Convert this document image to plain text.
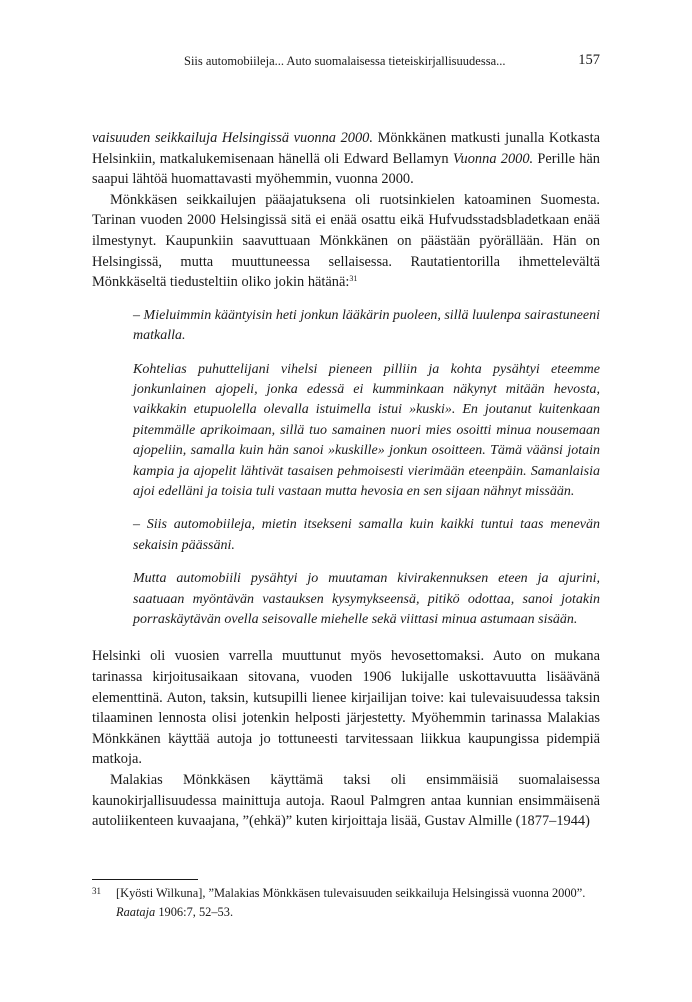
Siis automobiileja... Auto suomalaisessa tieteiskirjallisuudessa...	157

vaisuuden seikkailuja Helsingissä vuonna 2000. Mönkkänen matkusti junalla Kotkasta Helsinkiin, matkalukemisenaan hänellä oli Edward Bellamyn Vuonna 2000. Perille hän saapui lähtöä huomattavasti myöhemmin, vuonna 2000.

Mönkkäsen seikkailujen pääajatuksena oli ruotsinkielen katoaminen Suomesta. Tarinan vuoden 2000 Helsingissä sitä ei enää osattu eikä Hufvudsstadsbladetkaan enää ilmestynyt. Kaupunkiin saavuttuaan Mönkkänen on päästään pyörällään. Hän on Helsingissä, mutta muuttuneessa sellaisessa. Rautatientorilla ihmettelevältä Mönkkäseltä tiedusteltiin oliko jokin hätänä:$^{31}$

– Mieluimmin kääntyisin heti jonkun lääkärin puoleen, sillä luulenpa sairastuneeni matkalla.

Kohtelias puhuttelijani vihelsi pieneen pilliin ja kohta pysähtyi eteemme jonkunlainen ajopeli, jonka edessä ei kumminkaan näkynyt mitään hevosta, vaikkakin etupuolella olevalla istuimella istui »kuski». En joutanut kuitenkaan pitemmälle aprikoimaan, sillä tuo samainen nuori mies osoitti minua nousemaan ajopeliin, samalla kuin hän sanoi »kuskille» jonkun osoitteen. Tämä väänsi jotain kampia ja ajopelit lähtivät tasaisen pehmoisesti vierimään eteenpäin. Samanlaisia ajoi edelläni ja toisia tuli vastaan mutta hevosia en sen sijaan nähnyt missään.

– Siis automobiileja, mietin itsekseni samalla kuin kaikki tuntui taas menevän sekaisin päässäni.

Mutta automobiili pysähtyi jo muutaman kivirakennuksen eteen ja ajurini, saatuaan myöntävän vastauksen kysymykseensä, pitikö odottaa, sanoi jotakin porraskäytävän ovella seisovalle miehelle sekä viittasi minua astumaan sisään.

Helsinki oli vuosien varrella muuttunut myös hevosettomaksi. Auto on mukana tarinassa kirjoitusaikaan sitovana, vuoden 1906 lukijalle uskottavuutta lisäävänä elementtinä. Auton, taksin, kutsupilli lienee kirjailijan toive: kai tulevaisuudessa taksin tilaaminen lennosta olisi jotenkin helposti järjestetty. Myöhemmin tarinassa Malakias Mönkkänen käyttää autoja jo tottuneesti tarvitessaan liikkua kaupungissa pidempiä matkoja.

Malakias Mönkkäsen käyttämä taksi oli ensimmäisiä suomalaisessa kaunokirjallisuudessa mainittuja autoja. Raoul Palmgren antaa kunnian ensimmäisenä autoliikenteen kuvaajana, ”(ehkä)” kuten kirjoittaja lisää, Gustav Almille (1877–1944)

31 [Kyösti Wilkuna], ”Malakias Mönkkäsen tulevaisuuden seikkailuja Helsingissä vuonna 2000”. Raataja 1906:7, 52–53.
